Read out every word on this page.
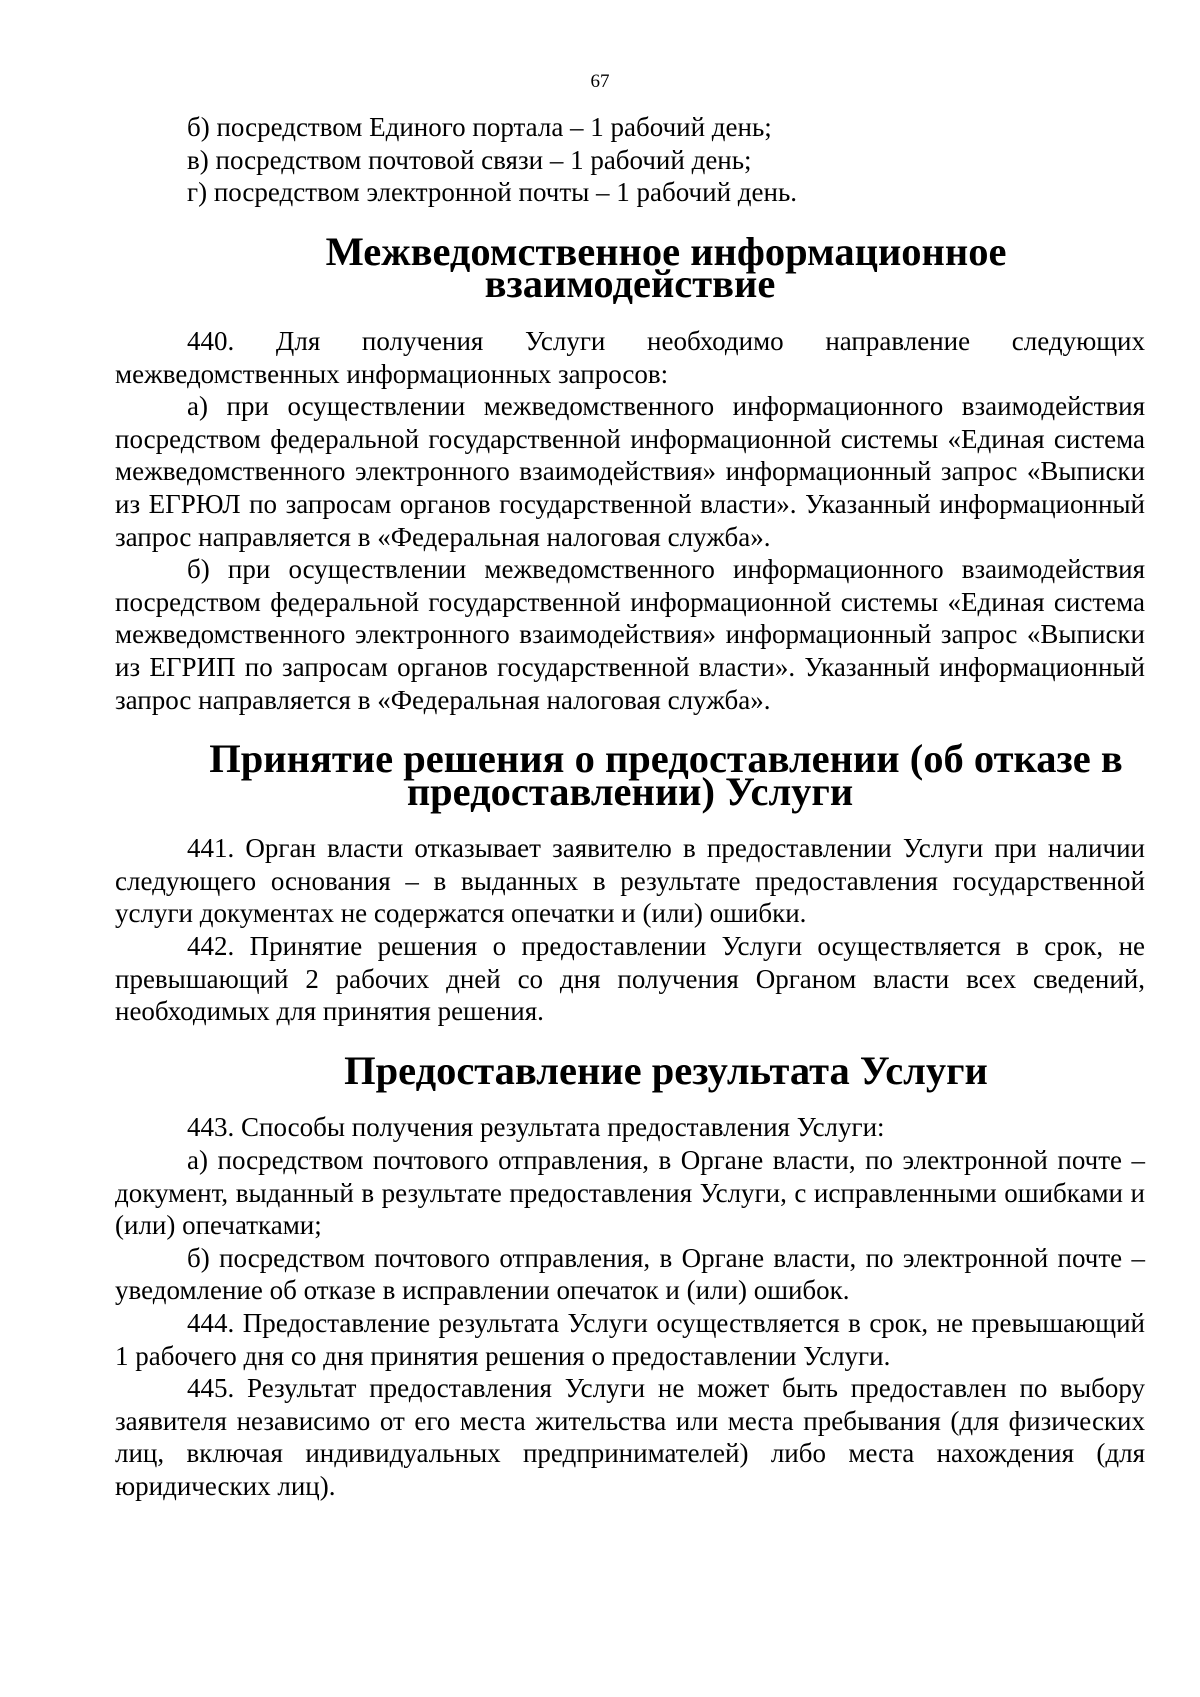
67

б) посредством Единого портала – 1 рабочий день;

в) посредством почтовой связи – 1 рабочий день;

г) посредством электронной почты – 1 рабочий день.

Межведомственное информационное взаимодействие

440. Для получения Услуги необходимо направление следующих межведомственных информационных запросов:

а) при осуществлении межведомственного информационного взаимодействия посредством федеральной государственной информационной системы «Единая система межведомственного электронного взаимодействия» информационный запрос «Выписки из ЕГРЮЛ по запросам органов государственной власти». Указанный информационный запрос направляется в «Федеральная налоговая служба».

б) при осуществлении межведомственного информационного взаимодействия посредством федеральной государственной информационной системы «Единая система межведомственного электронного взаимодействия» информационный запрос «Выписки из ЕГРИП по запросам органов государственной власти». Указанный информационный запрос направляется в «Федеральная налоговая служба».

Принятие решения о предоставлении (об отказе в предоставлении) Услуги

441. Орган власти отказывает заявителю в предоставлении Услуги при наличии следующего основания – в выданных в результате предоставления государственной услуги документах не содержатся опечатки и (или) ошибки.

442. Принятие решения о предоставлении Услуги осуществляется в срок, не превышающий 2 рабочих дней со дня получения Органом власти всех сведений, необходимых для принятия решения.

Предоставление результата Услуги

443. Способы получения результата предоставления Услуги:

а) посредством почтового отправления, в Органе власти, по электронной почте – документ, выданный в результате предоставления Услуги, с исправленными ошибками и (или) опечатками;

б) посредством почтового отправления, в Органе власти, по электронной почте – уведомление об отказе в исправлении опечаток и (или) ошибок.

444. Предоставление результата Услуги осуществляется в срок, не превышающий 1 рабочего дня со дня принятия решения о предоставлении Услуги.

445. Результат предоставления Услуги не может быть предоставлен по выбору заявителя независимо от его места жительства или места пребывания (для физических лиц, включая индивидуальных предпринимателей) либо места нахождения (для юридических лиц).
